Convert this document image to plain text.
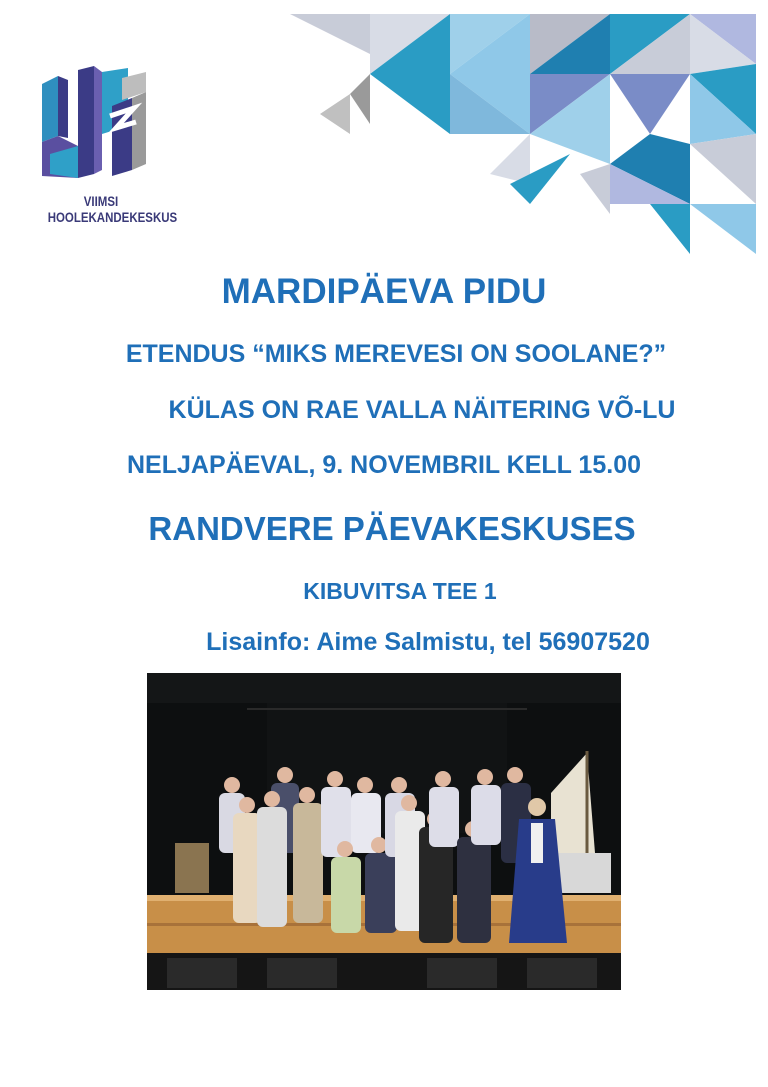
VIIMSI
HOOLEKANDEKESKUS
MARDIPÄEVA PIDU
ETENDUS “MIKS MEREVESI ON SOOLANE?”
KÜLAS ON RAE VALLA NÄITERING VÕ-LU
NELJAPÄEVAL, 9. NOVEMBRIL KELL 15.00
RANDVERE PÄEVAKESKUSES
KIBUVITSA TEE 1
Lisainfo: Aime Salmistu, tel 56907520
